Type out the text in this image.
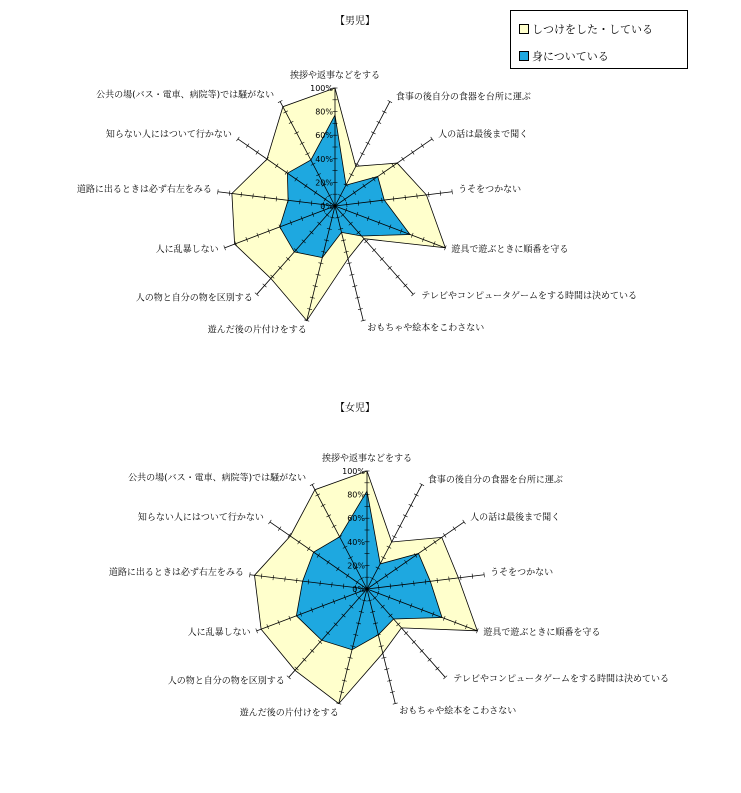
【男児】
0%
20%
40%
60%
80%
100%
挨拶や返事などをする
食事の後自分の食器を台所に運ぶ
人の話は最後まで聞く
うそをつかない
遊具で遊ぶときに順番を守る
テレビやコンピュータゲームをする時間は決めている
おもちゃや絵本をこわさない
遊んだ後の片付けをする
人の物と自分の物を区別する
人に乱暴しない
道路に出るときは必ず右左をみる
知らない人にはついて行かない
公共の場(バス・電車、病院等)では騒がない
【女児】
0%
20%
40%
60%
80%
100%
挨拶や返事などをする
食事の後自分の食器を台所に運ぶ
人の話は最後まで聞く
うそをつかない
遊具で遊ぶときに順番を守る
テレビやコンピュータゲームをする時間は決めている
おもちゃや絵本をこわさない
遊んだ後の片付けをする
人の物と自分の物を区別する
人に乱暴しない
道路に出るときは必ず右左をみる
知らない人にはついて行かない
公共の場(バス・電車、病院等)では騒がない
しつけをした・している
身についている
